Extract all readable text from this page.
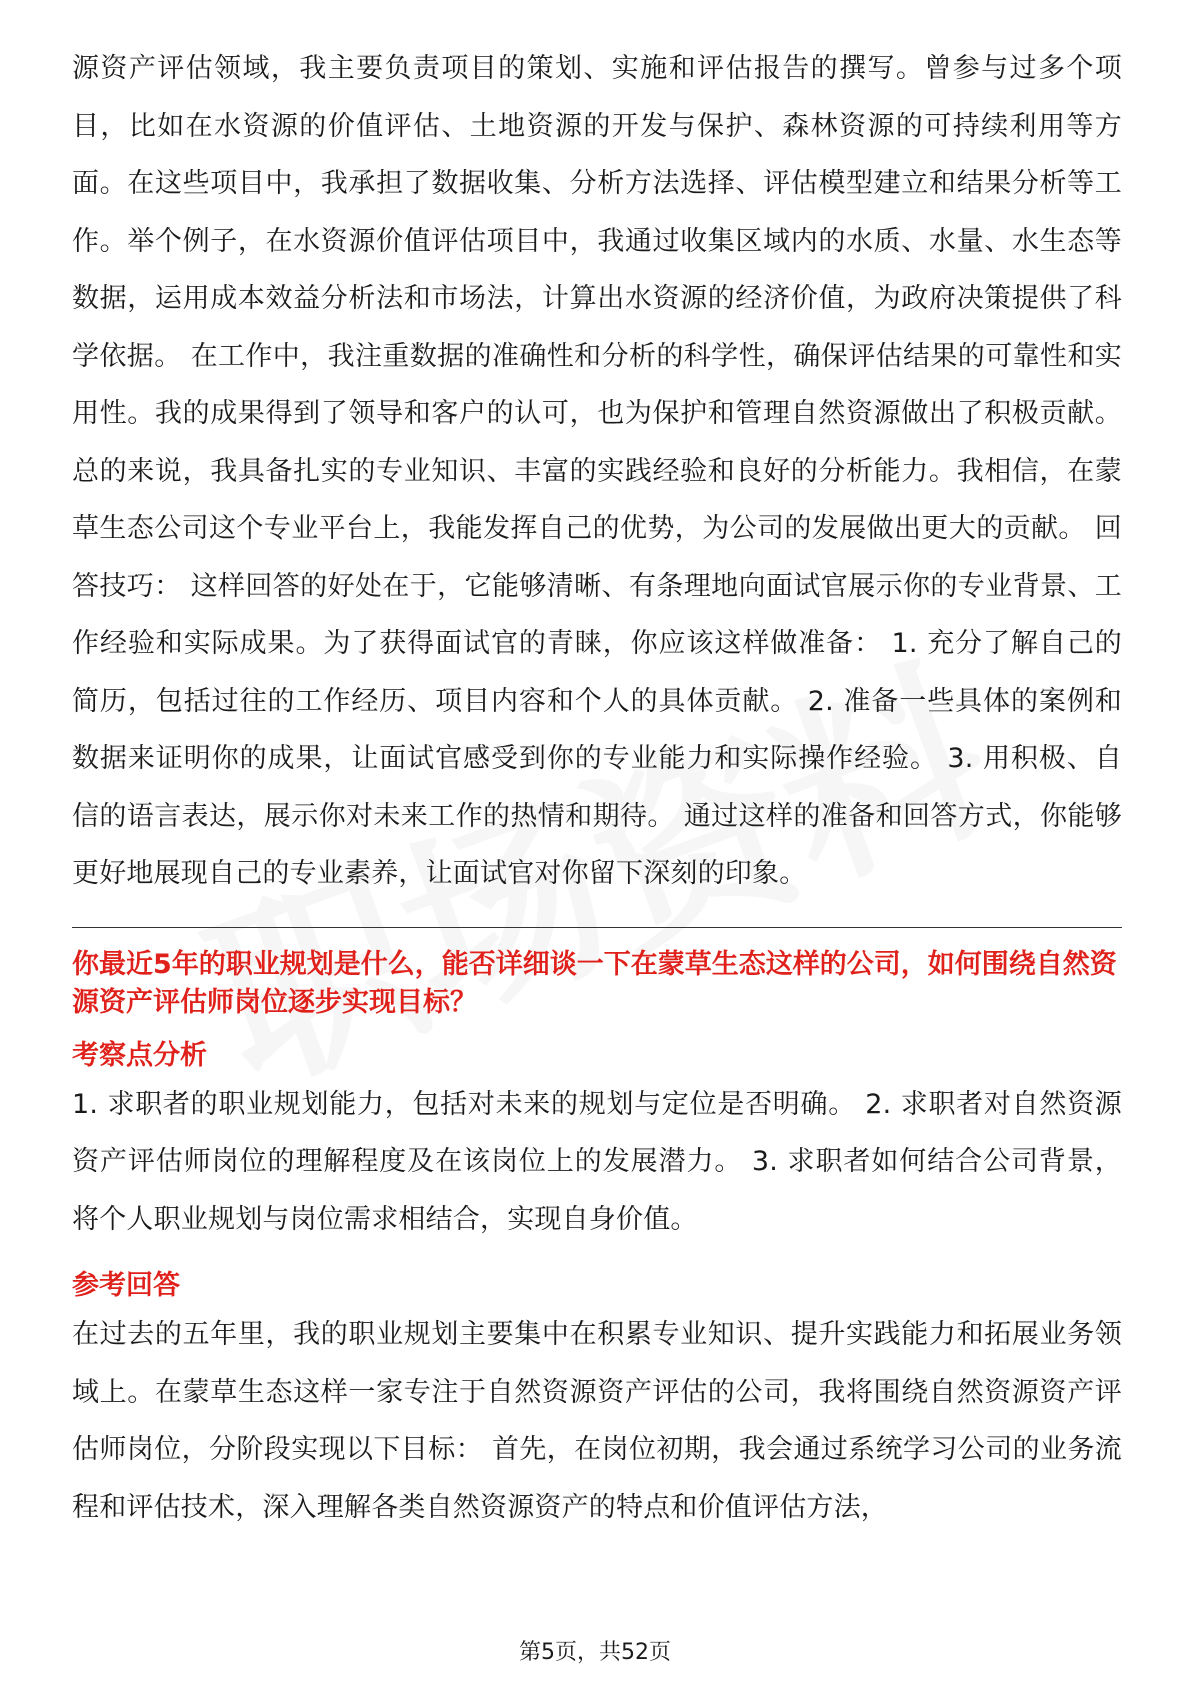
源资产评估领域，我主要负责项目的策划、实施和评估报告的撰写。曾参与过多个项目，比如在水资源的价值评估、土地资源的开发与保护、森林资源的可持续利用等方面。在这些项目中，我承担了数据收集、分析方法选择、评估模型建立和结果分析等工作。举个例子，在水资源价值评估项目中，我通过收集区域内的水质、水量、水生态等数据，运用成本效益分析法和市场法，计算出水资源的经济价值，为政府决策提供了科学依据。 在工作中，我注重数据的准确性和分析的科学性，确保评估结果的可靠性和实用性。我的成果得到了领导和客户的认可，也为保护和管理自然资源做出了积极贡献。 总的来说，我具备扎实的专业知识、丰富的实践经验和良好的分析能力。我相信，在蒙草生态公司这个专业平台上，我能发挥自己的优势，为公司的发展做出更大的贡献。 回答技巧： 这样回答的好处在于，它能够清晰、有条理地向面试官展示你的专业背景、工作经验和实际成果。为了获得面试官的青睐，你应该这样做准备： 1. 充分了解自己的简历，包括过往的工作经历、项目内容和个人的具体贡献。 2. 准备一些具体的案例和数据来证明你的成果，让面试官感受到你的专业能力和实际操作经验。 3. 用积极、自信的语言表达，展示你对未来工作的热情和期待。 通过这样的准备和回答方式，你能够更好地展现自己的专业素养，让面试官对你留下深刻的印象。

你最近5年的职业规划是什么，能否详细谈一下在蒙草生态这样的公司，如何围绕自然资源资产评估师岗位逐步实现目标？

考察点分析

1. 求职者的职业规划能力，包括对未来的规划与定位是否明确。 2. 求职者对自然资源资产评估师岗位的理解程度及在该岗位上的发展潜力。 3. 求职者如何结合公司背景，将个人职业规划与岗位需求相结合，实现自身价值。

参考回答

在过去的五年里，我的职业规划主要集中在积累专业知识、提升实践能力和拓展业务领域上。在蒙草生态这样一家专注于自然资源资产评估的公司，我将围绕自然资源资产评估师岗位，分阶段实现以下目标： 首先，在岗位初期，我会通过系统学习公司的业务流程和评估技术，深入理解各类自然资源资产的特点和价值评估方法，

第5页，共52页
